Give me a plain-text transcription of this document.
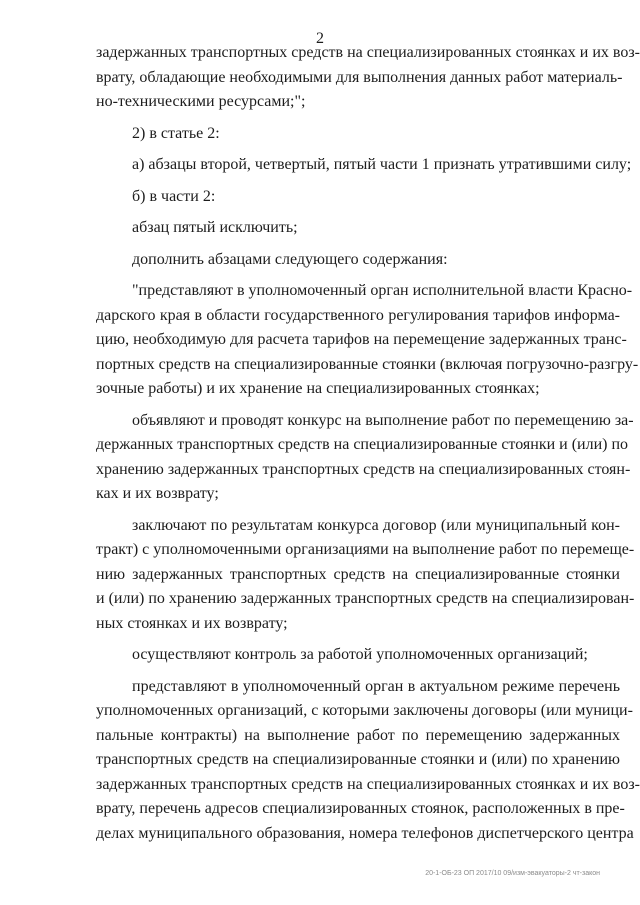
2
задержанных транспортных средств на специализированных стоянках и их воз-
врату, обладающие необходимыми для выполнения данных работ материаль-
но-техническими ресурсами;";
2) в статье 2:
а) абзацы второй, четвертый, пятый части 1 признать утратившими силу;
б) в части 2:
абзац пятый исключить;
дополнить абзацами следующего содержания:
"представляют в уполномоченный орган исполнительной власти Красно-
дарского края в области государственного регулирования тарифов информа-
цию, необходимую для расчета тарифов на перемещение задержанных транс-
портных средств на специализированные стоянки (включая погрузочно-разгру-
зочные работы) и их хранение на специализированных стоянках;
объявляют и проводят конкурс на выполнение работ по перемещению за-
держанных транспортных средств на специализированные стоянки и (или) по
хранению задержанных транспортных средств на специализированных стоян-
ках и их возврату;
заключают по результатам конкурса договор (или муниципальный кон-
тракт) с уполномоченными организациями на выполнение работ по перемеще-
нию задержанных транспортных средств на специализированные стоянки
и (или) по хранению задержанных транспортных средств на специализирован-
ных стоянках и их возврату;
осуществляют контроль за работой уполномоченных организаций;
представляют в уполномоченный орган в актуальном режиме перечень
уполномоченных организаций, с которыми заключены договоры (или муници-
пальные контракты) на выполнение работ по перемещению задержанных
транспортных средств на специализированные стоянки и (или) по хранению
задержанных транспортных средств на специализированных стоянках и их воз-
врату, перечень адресов специализированных стоянок, расположенных в пре-
делах муниципального образования, номера телефонов диспетчерского центра
20-1-ОБ-23 ОП 2017/10 09/изм-эвакуаторы-2 чт-закон
